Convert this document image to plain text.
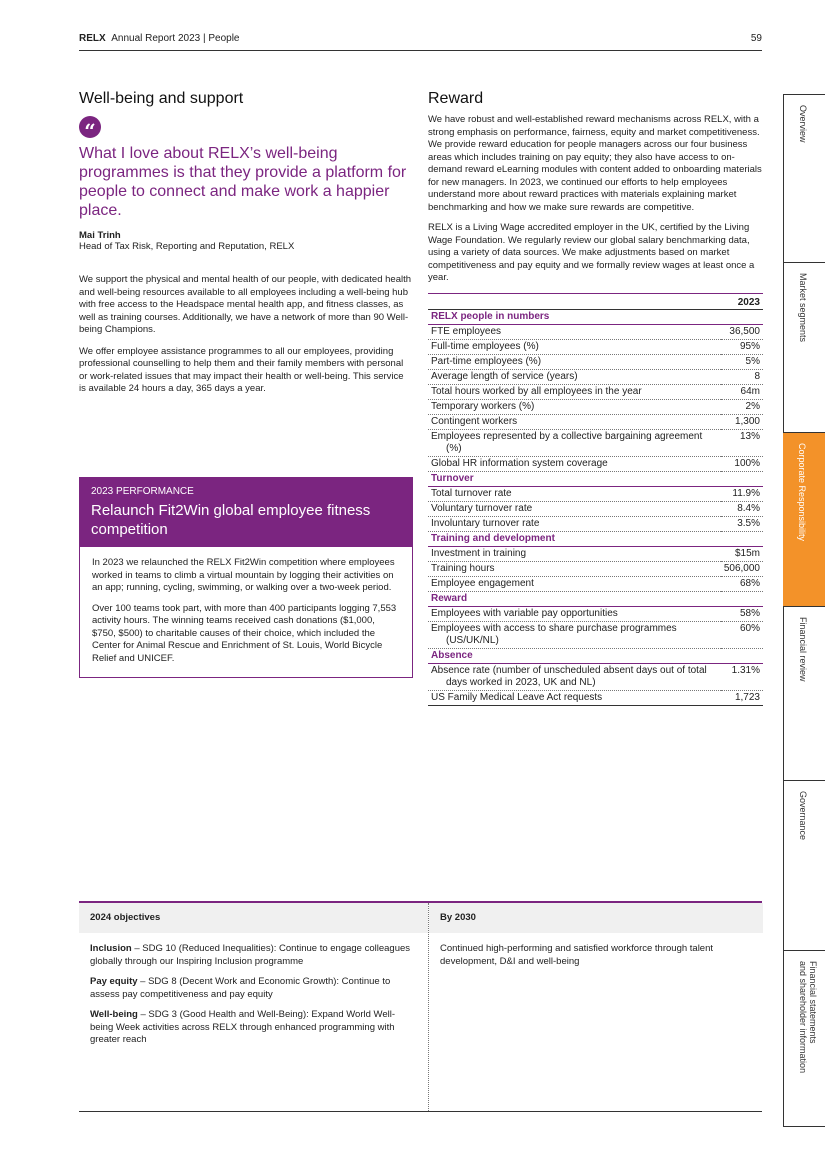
RELX Annual Report 2023 | People	59
Well-being and support
“
What I love about RELX’s well-being programmes is that they provide a platform for people to connect and make work a happier place.
Mai Trinh
Head of Tax Risk, Reporting and Reputation, RELX

We support the physical and mental health of our people, with dedicated health and well-being resources available to all employees including a well-being hub with free access to the Headspace mental health app, and fitness classes, as well as training courses. Additionally, we have a network of more than 90 Well-being Champions.

We offer employee assistance programmes to all our employees, providing professional counselling to help them and their family members with personal or work-related issues that may impact their health or well-being. This service is available 24 hours a day, 365 days a year.

2023 PERFORMANCE
Relaunch Fit2Win global employee fitness competition

In 2023 we relaunched the RELX Fit2Win competition where employees worked in teams to climb a virtual mountain by logging their activities on an app; running, cycling, swimming, or walking over a two-week period.

Over 100 teams took part, with more than 400 participants logging 7,553 activity hours. The winning teams received cash donations ($1,000, $750, $500) to charitable causes of their choice, which included the Center for Animal Rescue and Enrichment of St. Louis, World Bicycle Relief and UNICEF.

Reward

We have robust and well-established reward mechanisms across RELX, with a strong emphasis on performance, fairness, equity and market competitiveness. We provide reward education for people managers across our four business areas which includes training on pay equity; they also have access to on-demand reward eLearning modules with content added to onboarding materials for new managers. In 2023, we continued our efforts to help employees understand more about reward practices with materials explaining market benchmarking and how we make sure rewards are competitive.

RELX is a Living Wage accredited employer in the UK, certified by the Living Wage Foundation. We regularly review our global salary benchmarking data, using a variety of data sources. We make adjustments based on market competitiveness and pay equity and we formally review wages at least once a year.

	2023
RELX people in numbers	
FTE employees	36,500
Full-time employees (%)	95%
Part-time employees (%)	5%
Average length of service (years)	8
Total hours worked by all employees in the year	64m
Temporary workers (%)	2%
Contingent workers	1,300
Employees represented by a collective bargaining agreement (%)	13%
Global HR information system coverage	100%
Turnover	
Total turnover rate	11.9%
Voluntary turnover rate	8.4%
Involuntary turnover rate	3.5%
Training and development	
Investment in training	$15m
Training hours	506,000
Employee engagement	68%
Reward	
Employees with variable pay opportunities	58%
Employees with access to share purchase programmes (US/UK/NL)	60%
Absence	
Absence rate (number of unscheduled absent days out of total days worked in 2023, UK and NL)	1.31%
US Family Medical Leave Act requests	1,723
Overview
Market segments
Corporate Responsibility
Financial review
Governance
Financial statements
and shareholder information
2024 objectives

Inclusion – SDG 10 (Reduced Inequalities): Continue to engage colleagues globally through our Inspiring Inclusion programme

Pay equity – SDG 8 (Decent Work and Economic Growth): Continue to assess pay competitiveness and pay equity

Well-being – SDG 3 (Good Health and Well-Being): Expand World Well-being Week activities across RELX through enhanced programming with greater reach

By 2030

Continued high-performing and satisfied workforce through talent development, D&I and well-being
